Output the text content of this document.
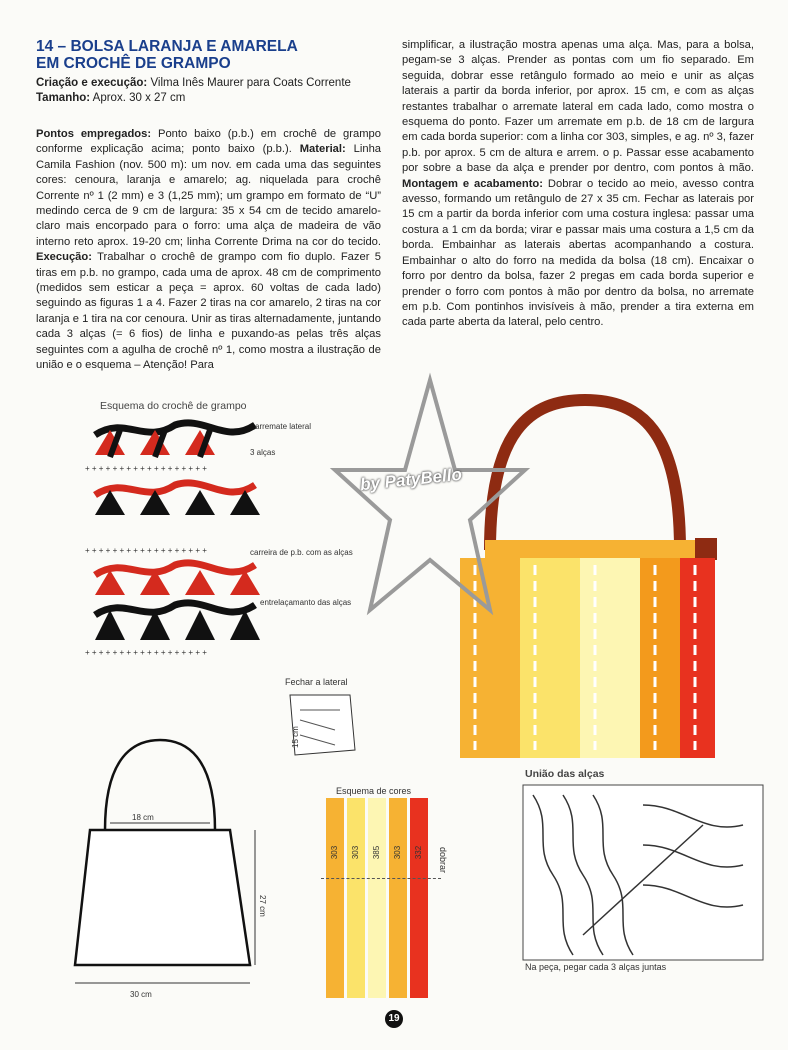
14 – BOLSA LARANJA E AMARELA
EM CROCHÊ DE GRAMPO
Criação e execução: Vilma Inês Maurer para Coats Corrente
Tamanho: Aprox. 30 x 27 cm
Pontos empregados: Ponto baixo (p.b.) em crochê de grampo conforme explicação acima; ponto baixo (p.b.). Material: Linha Camila Fashion (nov. 500 m): um nov. em cada uma das seguintes cores: cenoura, laranja e amarelo; ag. niquelada para crochê Corrente nº 1 (2 mm) e 3 (1,25 mm); um grampo em formato de “U” medindo cerca de 9 cm de largura: 35 x 54 cm de tecido amarelo-claro mais encorpado para o forro: uma alça de madeira de vão interno reto aprox. 19-20 cm; linha Corrente Drima na cor do tecido. Execução: Trabalhar o crochê de grampo com fio duplo. Fazer 5 tiras em p.b. no grampo, cada uma de aprox. 48 cm de comprimento (medidos sem esticar a peça = aprox. 60 voltas de cada lado) seguindo as figuras 1 a 4. Fazer 2 tiras na cor amarelo, 2 tiras na cor laranja e 1 tira na cor cenoura. Unir as tiras alternadamente, juntando cada 3 alças (= 6 fios) de linha e puxando-as pelas três alças seguintes com a agulha de crochê nº 1, como mostra a ilustração de união e o esquema – Atenção! Para
simplificar, a ilustração mostra apenas uma alça. Mas, para a bolsa, pegam-se 3 alças. Prender as pontas com um fio separado. Em seguida, dobrar esse retângulo formado ao meio e unir as alças laterais a partir da borda inferior, por aprox. 15 cm, e com as alças restantes trabalhar o arremate lateral em cada lado, como mostra o esquema do ponto. Fazer um arremate em p.b. de 18 cm de largura em cada borda superior: com a linha cor 303, simples, e ag. nº 3, fazer p.b. por aprox. 5 cm de altura e arrem. o p. Passar esse acabamento por sobre a base da alça e prender por dentro, com pontos à mão. Montagem e acabamento: Dobrar o tecido ao meio, avesso contra avesso, formando um retângulo de 27 x 35 cm. Fechar as laterais por 15 cm a partir da borda inferior com uma costura inglesa: passar uma costura a 1 cm da borda; virar e passar mais uma costura a 1,5 cm da borda. Embainhar as laterais abertas acompanhando a costura. Embainhar o alto do forro na medida da bolsa (18 cm). Encaixar o forro por dentro da bolsa, fazer 2 pregas em cada borda superior e prender o forro com pontos à mão por dentro da bolsa, no arremate em p.b. Com pontinhos invisíveis à mão, prender a tira externa em cada parte aberta da lateral, pelo centro.
Esquema do crochê de grampo
+ + + + + + + + + + + + + + + + + +
+ + + + + + + + + + + + + + + + + +
+ + + + + + + + + + + + + + + + + +
arremate lateral
3 alças
carreira de p.b. com as alças
entrelaçamanto das alças
by PatyBello
Fechar a lateral
15 cm
18 cm
27 cm
30 cm
Esquema de cores
303 303 385 303 332 dobrar
União das alças
Na peça, pegar cada 3 alças juntas
19
